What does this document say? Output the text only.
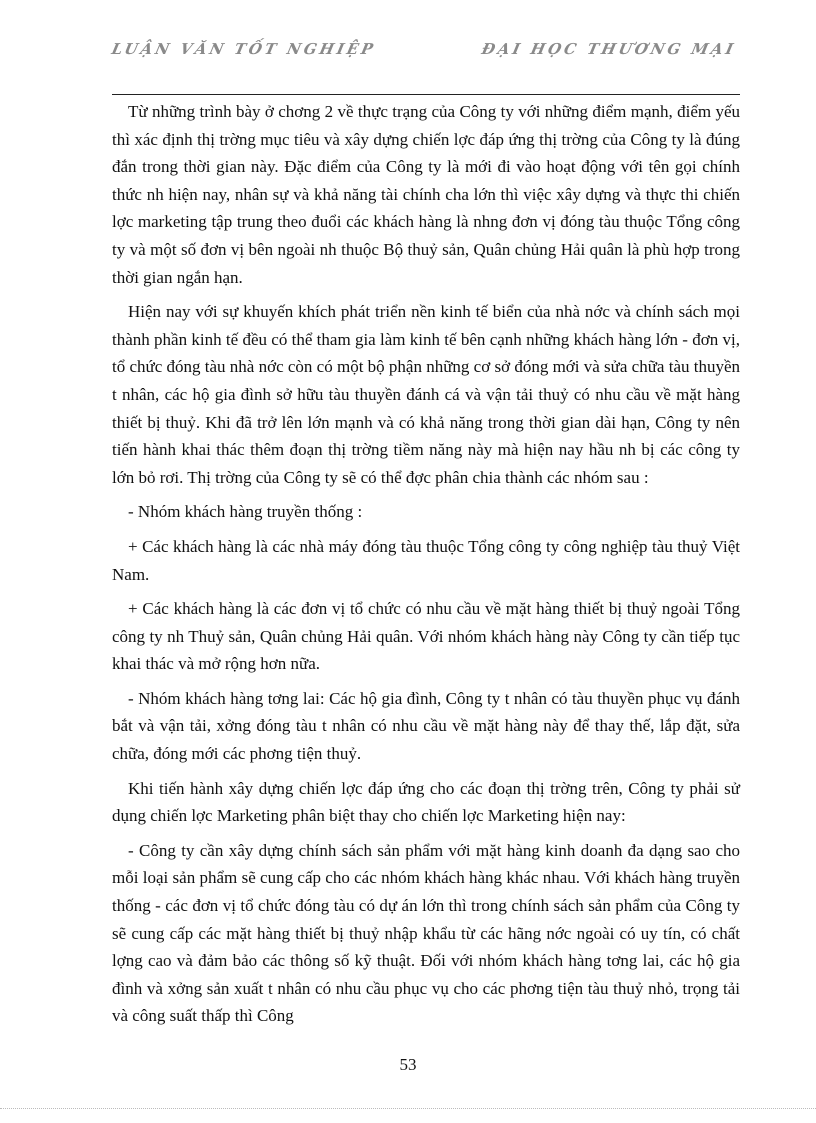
LUẬN VĂN TỐT NGHIỆP	ĐẠI HỌC THƯƠNG MẠI

Từ những trình bày ở chơng 2 về thực trạng của Công ty với những điểm mạnh, điểm yếu thì xác định thị trờng mục tiêu và xây dựng chiến lợc đáp ứng thị trờng của Công ty là đúng đắn trong thời gian này. Đặc điểm của Công ty là mới đi vào hoạt động với tên gọi chính thức nh hiện nay, nhân sự và khả năng tài chính cha lớn thì việc xây dựng và thực thi chiến lợc marketing tập trung theo đuổi các khách hàng là nhng đơn vị đóng tàu thuộc Tổng công ty và một số đơn vị bên ngoài nh thuộc Bộ thuỷ sản, Quân chủng Hải quân là phù hợp trong thời gian ngắn hạn.

Hiện nay với sự khuyến khích phát triển nền kinh tế biển của nhà nớc và chính sách mọi thành phần kinh tế đều có thể tham gia làm kinh tế bên cạnh những khách hàng lớn - đơn vị, tổ chức đóng tàu nhà nớc còn có một bộ phận những cơ sở đóng mới và sửa chữa tàu thuyền t nhân, các hộ gia đình sở hữu tàu thuyền đánh cá và vận tải thuỷ có nhu cầu về mặt hàng thiết bị thuỷ. Khi đã trở lên lớn mạnh và có khả năng trong thời gian dài hạn, Công ty nên tiến hành khai thác thêm đoạn thị trờng tiềm năng này mà hiện nay hầu nh bị các công ty lớn bỏ rơi. Thị trờng của Công ty sẽ có thể đợc phân chia thành các nhóm sau :

- Nhóm khách hàng truyền thống :

+ Các khách hàng là các nhà máy đóng tàu thuộc Tổng công ty công nghiệp tàu thuỷ Việt Nam.

+ Các khách hàng là các đơn vị tổ chức có nhu cầu về mặt hàng thiết bị thuỷ ngoài Tổng công ty nh Thuỷ sản, Quân chủng Hải quân. Với nhóm khách hàng này Công ty cần tiếp tục khai thác và mở rộng hơn nữa.

- Nhóm khách hàng tơng lai: Các hộ gia đình, Công ty t nhân có tàu thuyền phục vụ đánh bắt và vận tải, xởng đóng tàu t nhân có nhu cầu về mặt hàng này để thay thế, lắp đặt, sửa chữa, đóng mới các phơng tiện thuỷ.

Khi tiến hành xây dựng chiến lợc đáp ứng cho các đoạn thị trờng trên, Công ty phải sử dụng chiến lợc Marketing phân biệt thay cho chiến lợc Marketing hiện nay:

- Công ty cần xây dựng chính sách sản phẩm với mặt hàng kinh doanh đa dạng sao cho mỗi loại sản phẩm sẽ cung cấp cho các nhóm khách hàng khác nhau. Với khách hàng truyền thống - các đơn vị tổ chức đóng tàu có dự án lớn thì trong chính sách sản phẩm của Công ty sẽ cung cấp các mặt hàng thiết bị thuỷ nhập khẩu từ các hãng nớc ngoài có uy tín, có chất lợng cao và đảm bảo các thông số kỹ thuật. Đối với nhóm khách hàng tơng lai, các hộ gia đình và xởng sản xuất t nhân có nhu cầu phục vụ cho các phơng tiện tàu thuỷ nhỏ, trọng tải và công suất thấp thì Công

53
